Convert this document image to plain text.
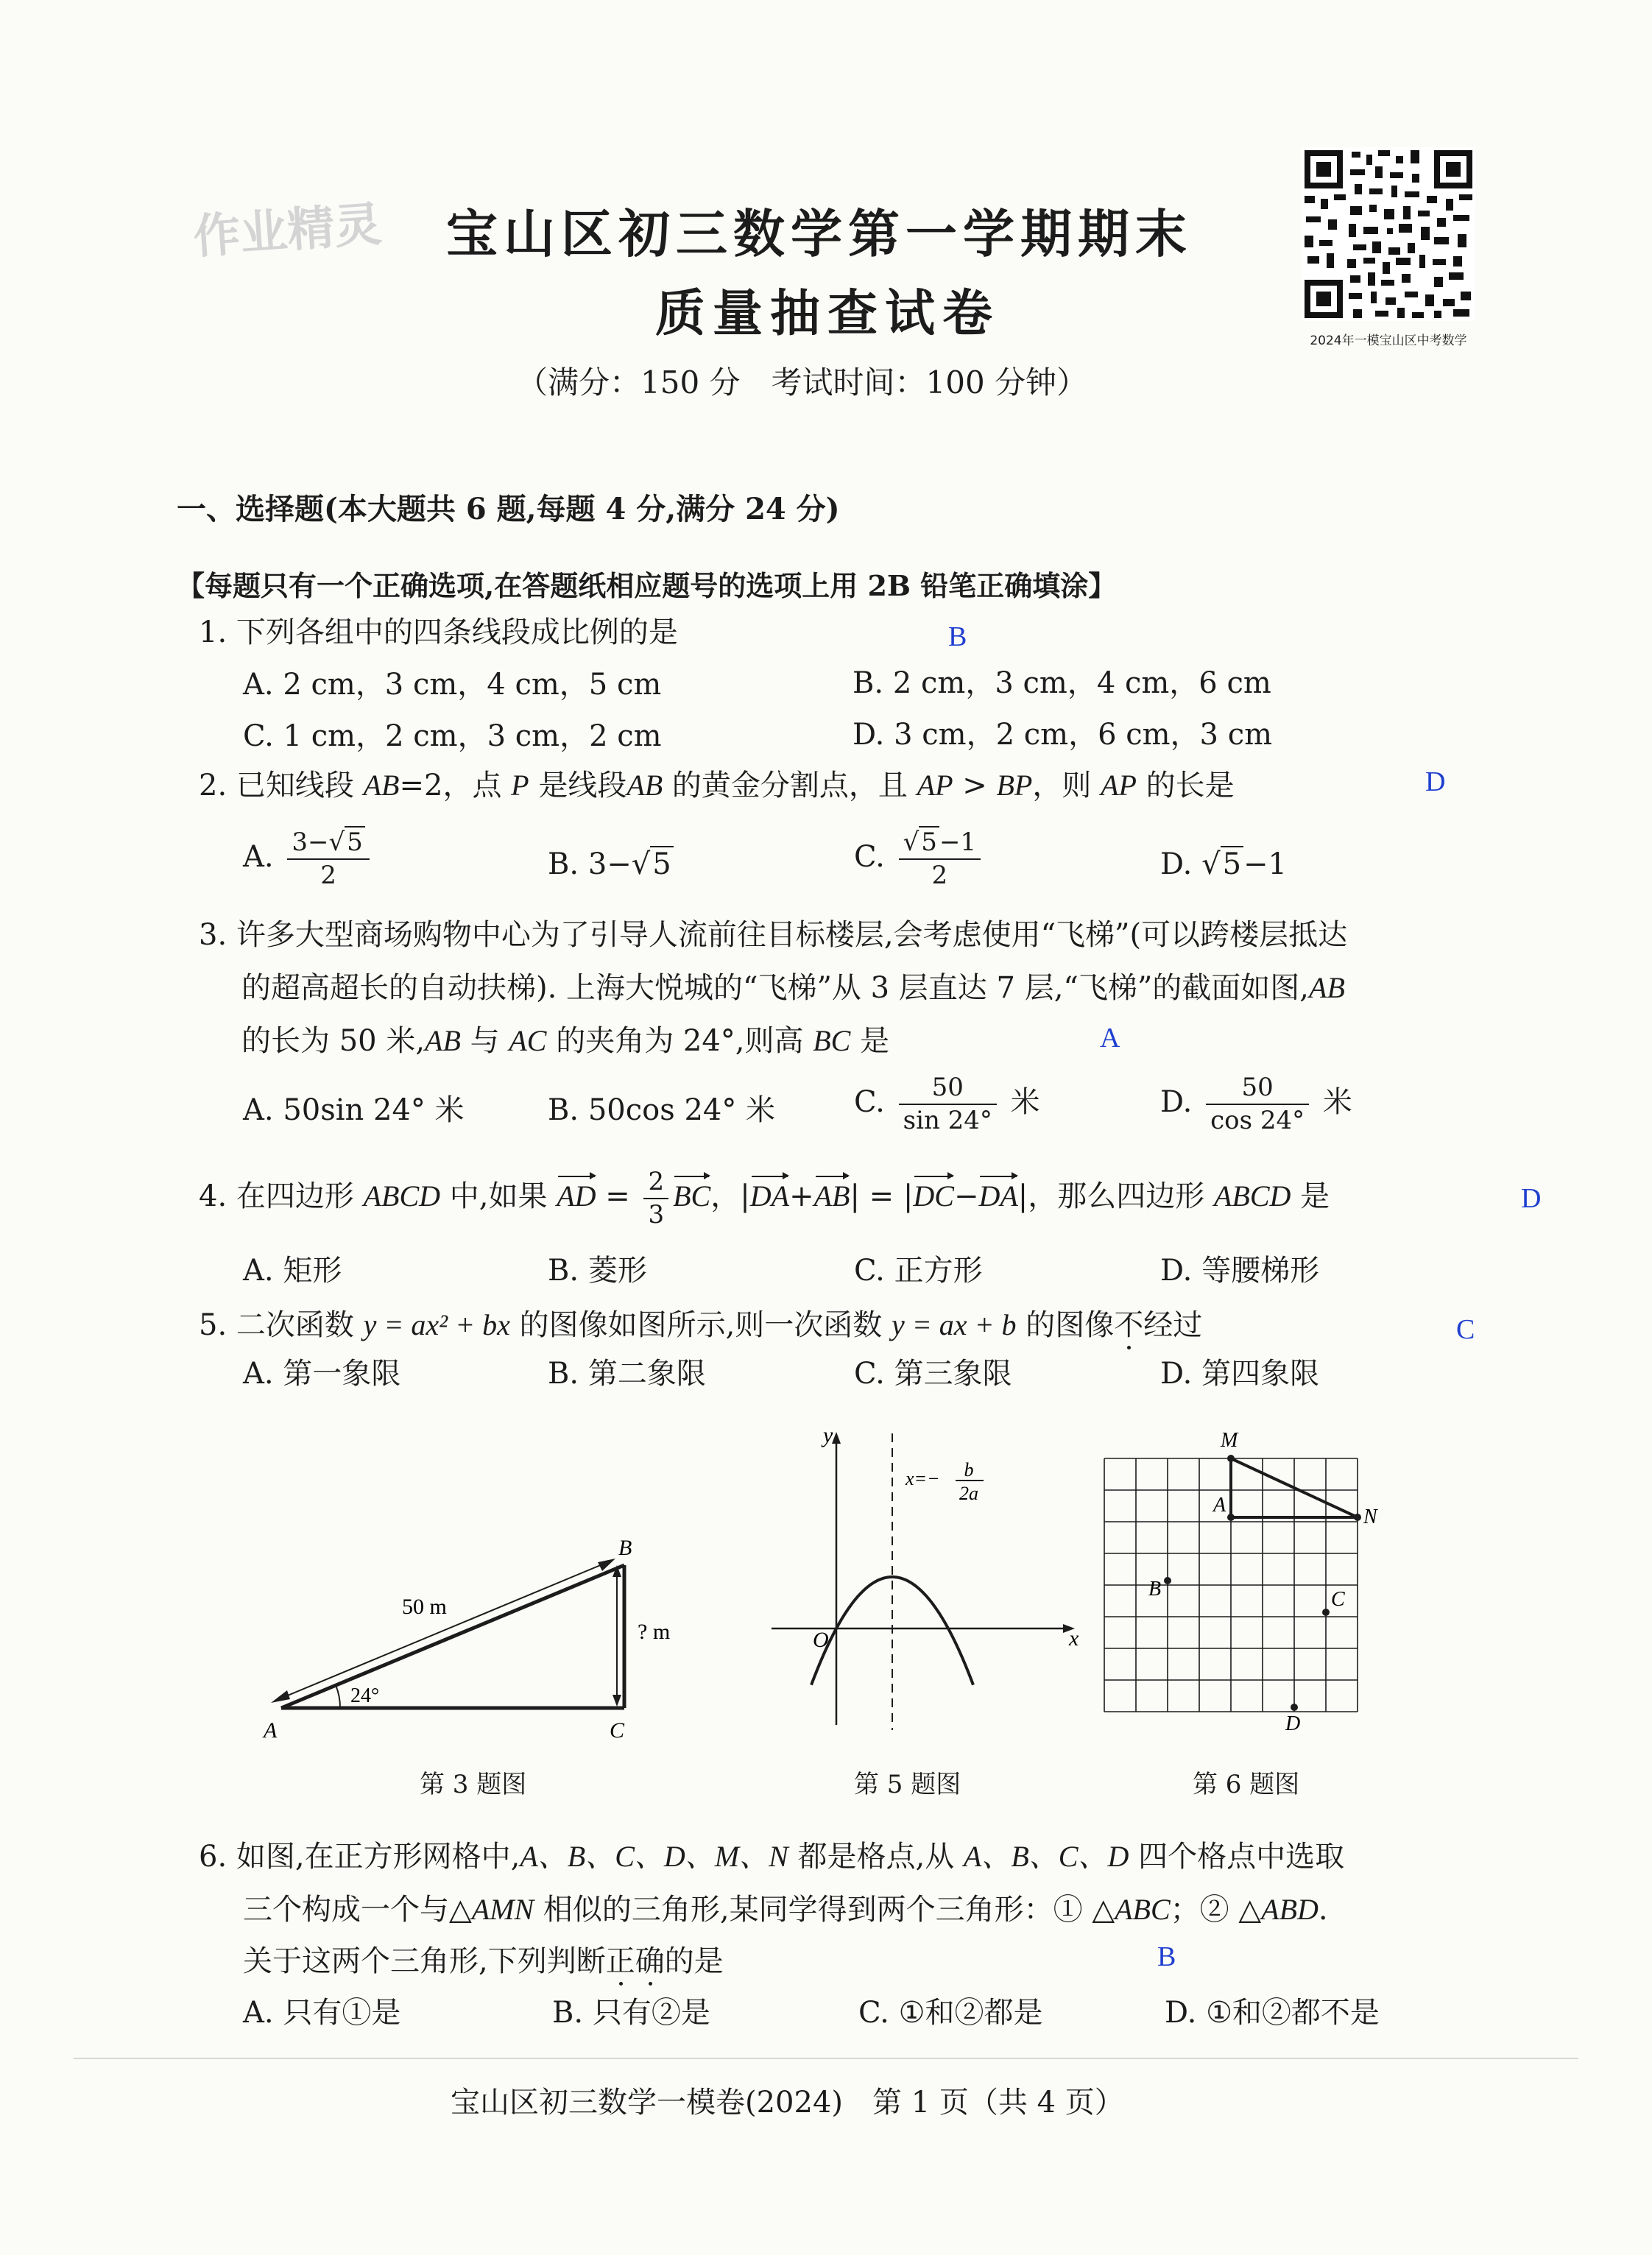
作业精灵
2024年一模宝山区中考数学
宝山区初三数学第一学期期末
质量抽查试卷
（满分：150 分　考试时间：100 分钟）
一、选择题(本大题共 6 题,每题 4 分,满分 24 分)
【每题只有一个正确选项,在答题纸相应题号的选项上用 2B 铅笔正确填涂】
1. 下列各组中的四条线段成比例的是	B
A. 2 cm，3 cm，4 cm，5 cm	B. 2 cm，3 cm，4 cm，6 cm
C. 1 cm，2 cm，3 cm，2 cm	D. 3 cm，2 cm，6 cm，3 cm
2. 已知线段 AB=2，点 P 是线段AB 的黄金分割点，且 AP > BP，则 AP 的长是	D
A. $\frac{3-√5}{2}$	B. 3−√5	C. $\frac{√5-1}{2}$	D. √5−1
3. 许多大型商场购物中心为了引导人流前往目标楼层,会考虑使用“飞梯”(可以跨楼层抵达
的超高超长的自动扶梯). 上海大悦城的“飞梯”从 3 层直达 7 层,“飞梯”的截面如图,AB
的长为 50 米,AB 与 AC 的夹角为 24°,则高 BC 是	A
A. 50sin 24° 米	B. 50cos 24° 米	C. $\frac{50}{\sin 24^\circ}$ 米	D. $\frac{50}{\cos 24^\circ}$ 米
4. 在四边形 ABCD 中,如果 AD = $\frac{2}{3}$ BC，|DA+AB| = |DC−DA|，那么四边形 ABCD 是	D
A. 矩形	B. 菱形	C. 正方形	D. 等腰梯形
5. 二次函数 y = ax² + bx 的图像如图所示,则一次函数 y = ax + b 的图像不经过	C
A. 第一象限	B. 第二象限	C. 第三象限	D. 第四象限
A
B
C
50 m
? m
24°
第 3 题图
y
x
O
x=− b
2a
第 5 题图
M
A
N
B	C
D
第 6 题图
6. 如图,在正方形网格中,A、B、C、D、M、N 都是格点,从 A、B、C、D 四个格点中选取
三个构成一个与△AMN 相似的三角形,某同学得到两个三角形：① △ABC；② △ABD.
关于这两个三角形,下列判断正确的是	B
A. 只有①是	B. 只有②是	C. ①和②都是	D. ①和②都不是
宝山区初三数学一模卷(2024)　第 1 页（共 4 页）
